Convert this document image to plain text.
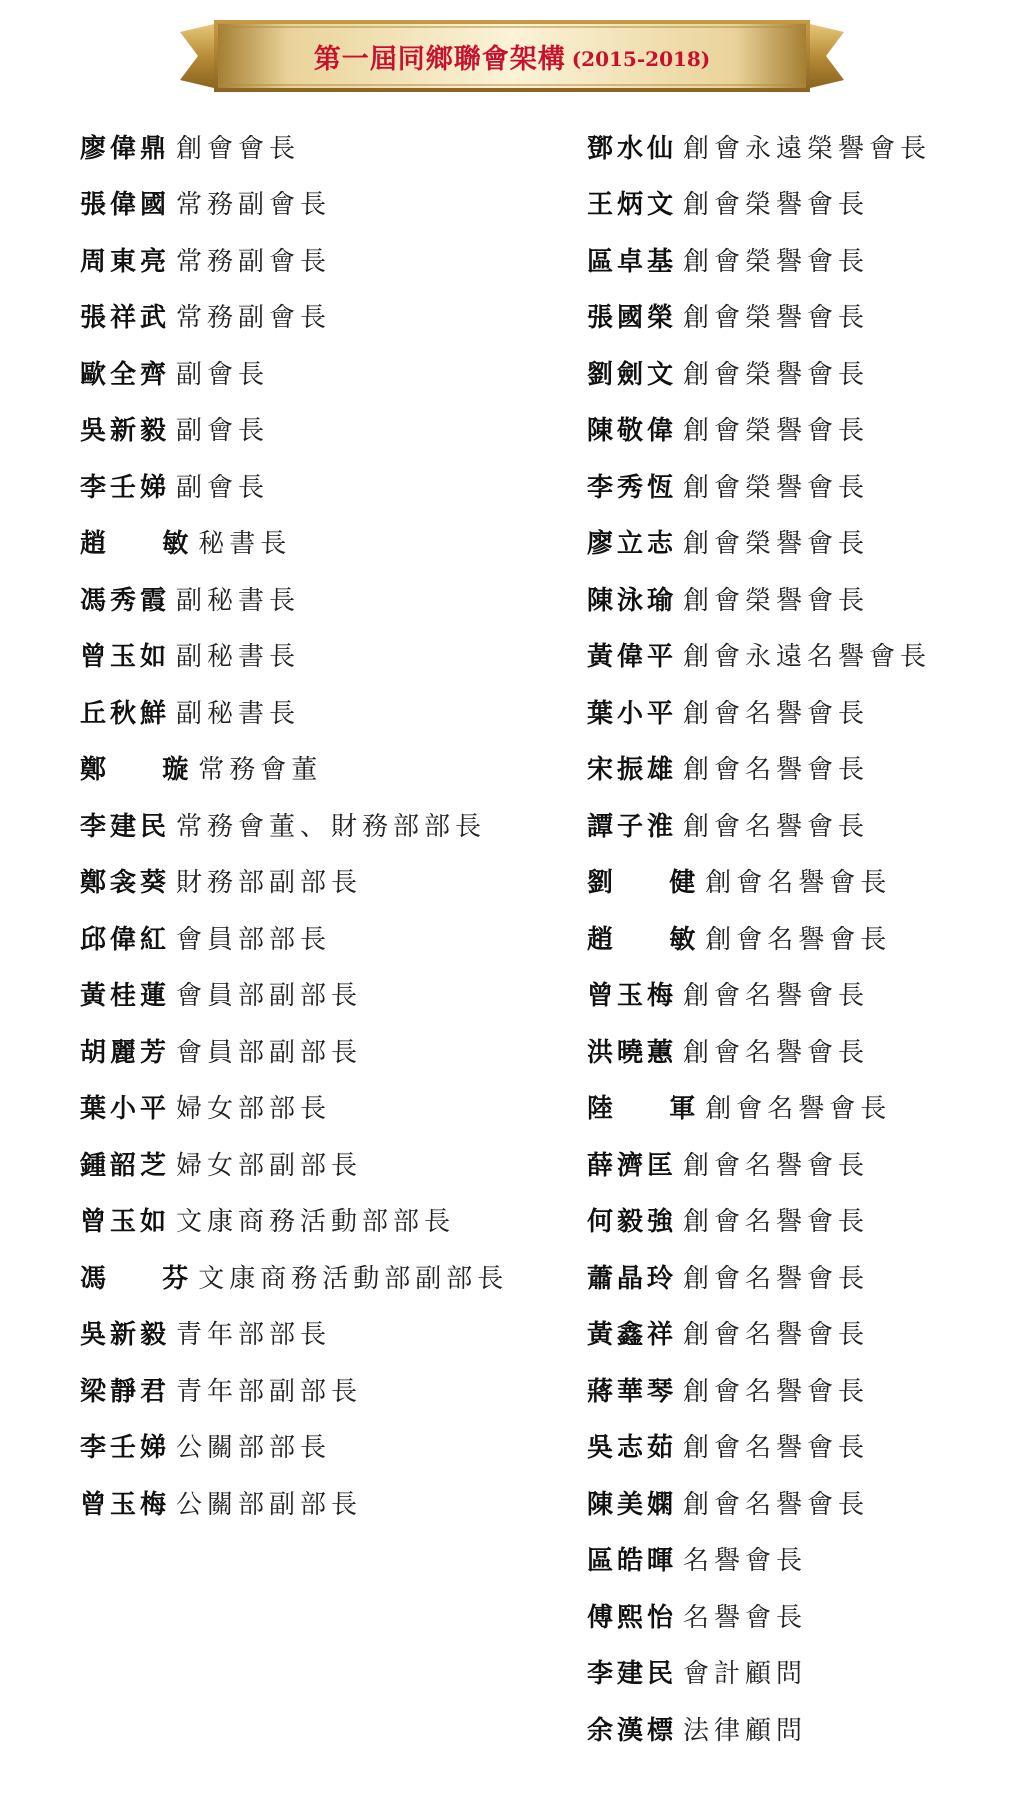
第一屆同鄉聯會架構 (2015-2018)
廖偉鼎 創會會長
張偉國 常務副會長
周東亮 常務副會長
張祥武 常務副會長
歐全齊 副會長
吳新毅 副會長
李壬娣 副會長
趙    敏 秘書長
馮秀霞 副秘書長
曾玉如 副秘書長
丘秋鮮 副秘書長
鄭    璇 常務會董
李建民 常務會董、財務部部長
鄭衾葵 財務部副部長
邱偉紅 會員部部長
黃桂蓮 會員部副部長
胡麗芳 會員部副部長
葉小平 婦女部部長
鍾韶芝 婦女部副部長
曾玉如 文康商務活動部部長
馮    芬 文康商務活動部副部長
吳新毅 青年部部長
梁靜君 青年部副部長
李壬娣 公關部部長
曾玉梅 公關部副部長
鄧水仙 創會永遠榮譽會長
王炳文 創會榮譽會長
區卓基 創會榮譽會長
張國榮 創會榮譽會長
劉劍文 創會榮譽會長
陳敬偉 創會榮譽會長
李秀恆 創會榮譽會長
廖立志 創會榮譽會長
陳泳瑜 創會榮譽會長
黃偉平 創會永遠名譽會長
葉小平 創會名譽會長
宋振雄 創會名譽會長
譚子淮 創會名譽會長
劉    健 創會名譽會長
趙    敏 創會名譽會長
曾玉梅 創會名譽會長
洪曉蕙 創會名譽會長
陸    軍 創會名譽會長
薛濟匡 創會名譽會長
何毅強 創會名譽會長
蕭晶玲 創會名譽會長
黃鑫祥 創會名譽會長
蔣華琴 創會名譽會長
吳志茹 創會名譽會長
陳美嫻 創會名譽會長
區皓暉 名譽會長
傅熙怡 名譽會長
李建民 會計顧問
余漢標 法律顧問
